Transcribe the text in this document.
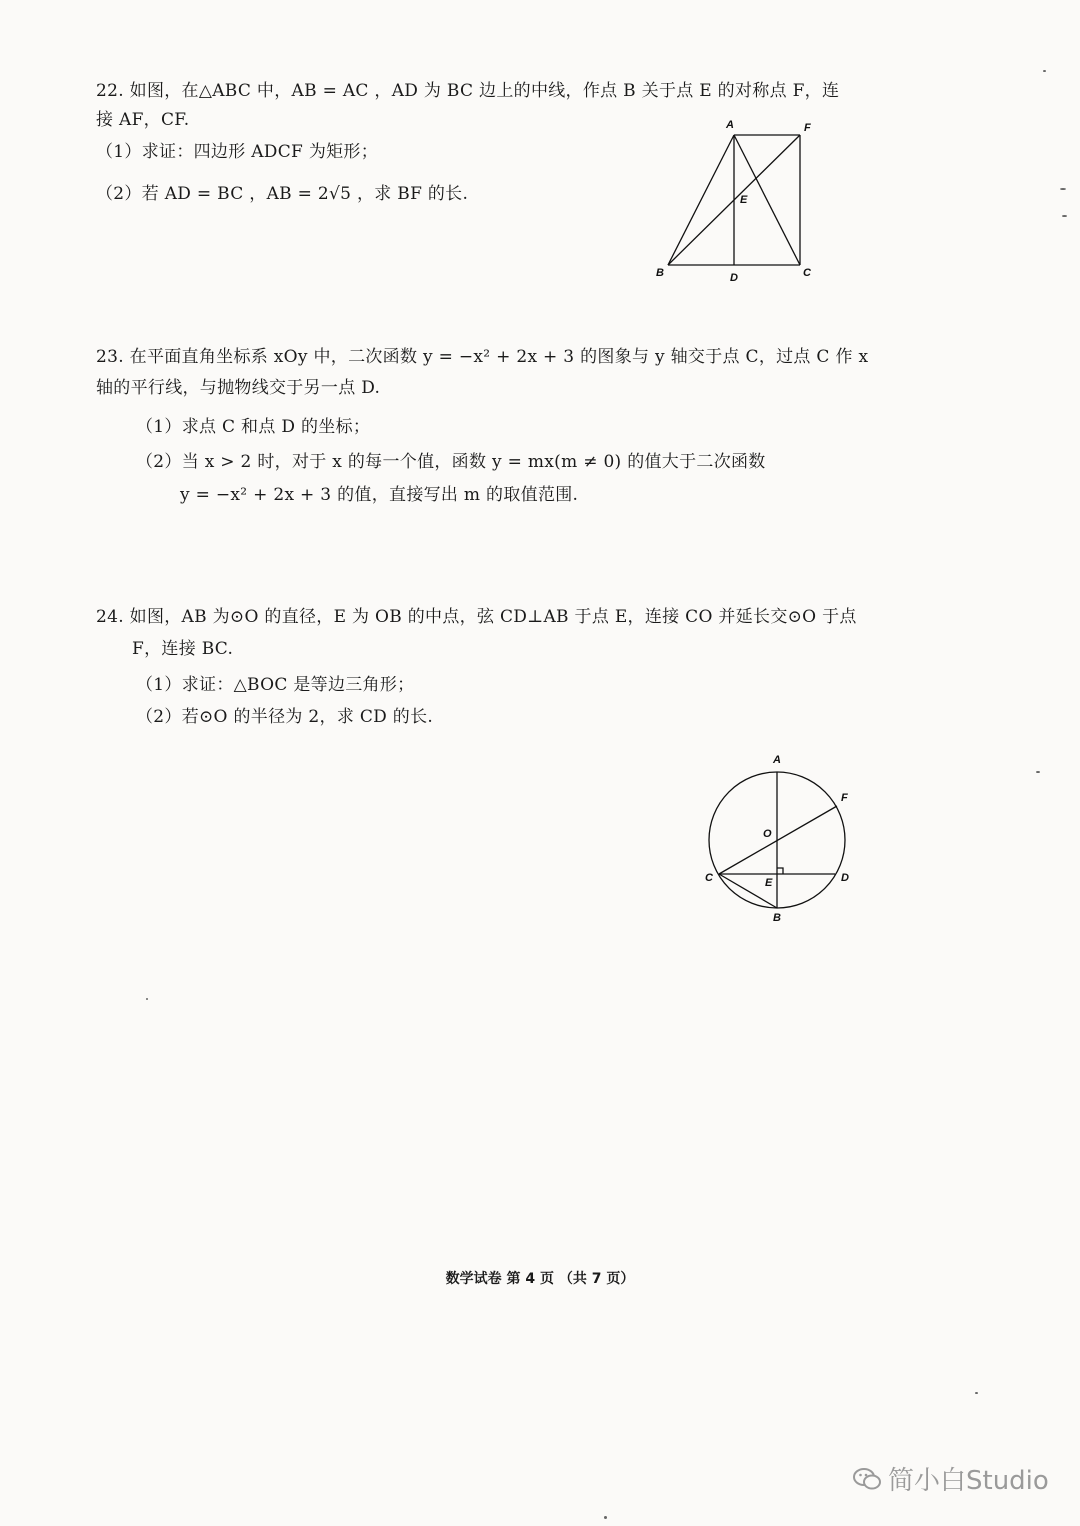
22. 如图，在△ABC 中，AB = AC ，AD 为 BC 边上的中线，作点 B 关于点 E 的对称点 F，连
接 AF，CF.
（1）求证：四边形 ADCF 为矩形；
（2）若 AD = BC ，AB = 2√5 ，求 BF 的长.
A	F
E
B	D	C
23. 在平面直角坐标系 xOy 中，二次函数 y = −x² + 2x + 3 的图象与 y 轴交于点 C，过点 C 作 x
轴的平行线，与抛物线交于另一点 D.
（1）求点 C 和点 D 的坐标；
（2）当 x > 2 时，对于 x 的每一个值，函数 y = mx(m ≠ 0) 的值大于二次函数
y = −x² + 2x + 3 的值，直接写出 m 的取值范围.
24. 如图，AB 为⊙O 的直径，E 为 OB 的中点，弦 CD⊥AB 于点 E，连接 CO 并延长交⊙O 于点
F，连接 BC.
（1）求证：△BOC 是等边三角形；
（2）若⊙O 的半径为 2，求 CD 的长.
A
F
O
C	E	D
B
数学试卷 第 4 页 （共 7 页）
简小白Studio
